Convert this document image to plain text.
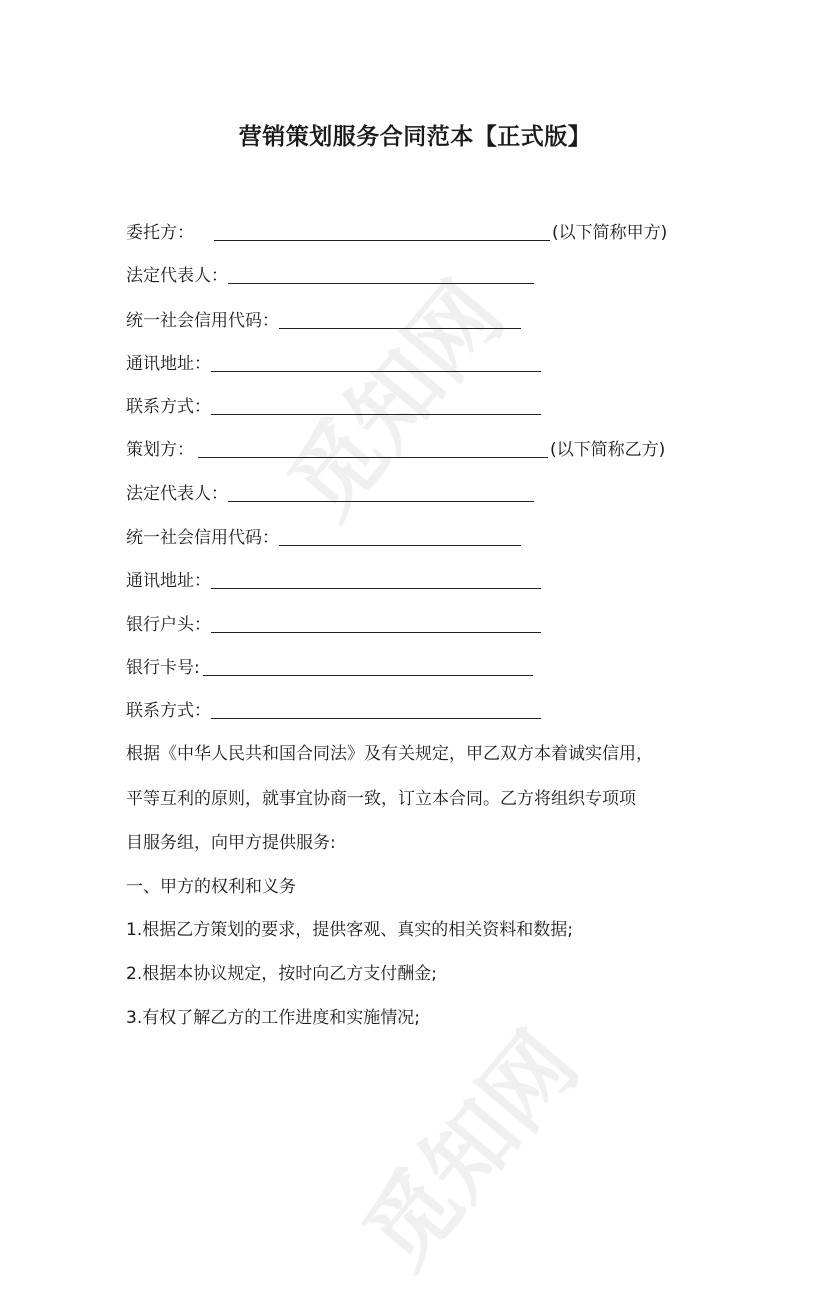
觅知网
觅知网
营销策划服务合同范本【正式版】
委托方：	(以下简称甲方)
法定代表人：
统一社会信用代码：
通讯地址：
联系方式：
策划方：	(以下简称乙方)
法定代表人：
统一社会信用代码：
通讯地址：
银行户头：
银行卡号:
联系方式：
根据《中华人民共和国合同法》及有关规定，甲乙双方本着诚实信用，
平等互利的原则，就事宜协商一致，订立本合同。乙方将组织专项项
目服务组，向甲方提供服务:
一、甲方的权利和义务
1.根据乙方策划的要求，提供客观、真实的相关资料和数据;
2.根据本协议规定，按时向乙方支付酬金;
3.有权了解乙方的工作进度和实施情况;
